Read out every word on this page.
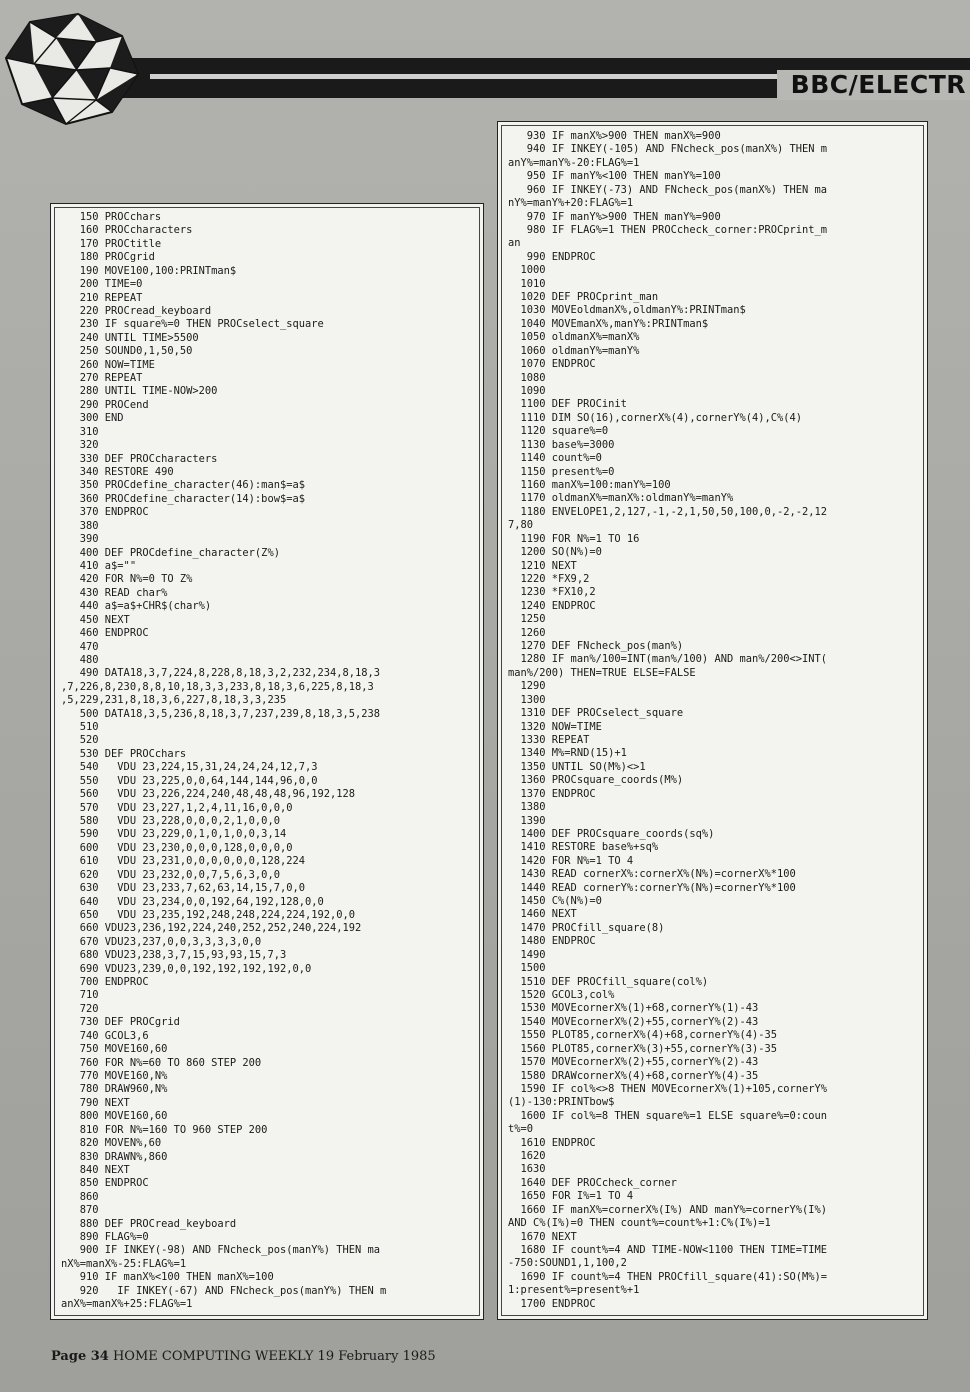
BBC/ELECTR
150 PROCchars
160 PROCcharacters
170 PROCtitle
180 PROCgrid
190 MOVE100,100:PRINTman$
200 TIME=0
210 REPEAT
220 PROCread_keyboard
230 IF square%=0 THEN PROCselect_square
240 UNTIL TIME>5500
250 SOUND0,1,50,50
260 NOW=TIME
270 REPEAT
280 UNTIL TIME-NOW>200
290 PROCend
300 END
310
320
330 DEF PROCcharacters
340 RESTORE 490
350 PROCdefine_character(46):man$=a$
360 PROCdefine_character(14):bow$=a$
370 ENDPROC
380
390
400 DEF PROCdefine_character(Z%)
410 a$=""
420 FOR N%=0 TO Z%
430 READ char%
440 a$=a$+CHR$(char%)
450 NEXT
460 ENDPROC
470
480
490 DATA18,3,7,224,8,228,8,18,3,2,232,234,8,18,3
,7,226,8,230,8,8,10,18,3,3,233,8,18,3,6,225,8,18,3
,5,229,231,8,18,3,6,227,8,18,3,3,235
500 DATA18,3,5,236,8,18,3,7,237,239,8,18,3,5,238
510
520
530 DEF PROCchars
540   VDU 23,224,15,31,24,24,24,12,7,3
550   VDU 23,225,0,0,64,144,144,96,0,0
560   VDU 23,226,224,240,48,48,48,96,192,128
570   VDU 23,227,1,2,4,11,16,0,0,0
580   VDU 23,228,0,0,0,2,1,0,0,0
590   VDU 23,229,0,1,0,1,0,0,3,14
600   VDU 23,230,0,0,0,128,0,0,0,0
610   VDU 23,231,0,0,0,0,0,0,128,224
620   VDU 23,232,0,0,7,5,6,3,0,0
630   VDU 23,233,7,62,63,14,15,7,0,0
640   VDU 23,234,0,0,192,64,192,128,0,0
650   VDU 23,235,192,248,248,224,224,192,0,0
660 VDU23,236,192,224,240,252,252,240,224,192
670 VDU23,237,0,0,3,3,3,3,0,0
680 VDU23,238,3,7,15,93,93,15,7,3
690 VDU23,239,0,0,192,192,192,192,0,0
700 ENDPROC
710
720
730 DEF PROCgrid
740 GCOL3,6
750 MOVE160,60
760 FOR N%=60 TO 860 STEP 200
770 MOVE160,N%
780 DRAW960,N%
790 NEXT
800 MOVE160,60
810 FOR N%=160 TO 960 STEP 200
820 MOVEN%,60
830 DRAWN%,860
840 NEXT
850 ENDPROC
860
870
880 DEF PROCread_keyboard
890 FLAG%=0
900 IF INKEY(-98) AND FNcheck_pos(manY%) THEN ma
nX%=manX%-25:FLAG%=1
910 IF manX%<100 THEN manX%=100
920   IF INKEY(-67) AND FNcheck_pos(manY%) THEN m
anX%=manX%+25:FLAG%=1
930 IF manX%>900 THEN manX%=900
940 IF INKEY(-105) AND FNcheck_pos(manX%) THEN m
anY%=manY%-20:FLAG%=1
950 IF manY%<100 THEN manY%=100
960 IF INKEY(-73) AND FNcheck_pos(manX%) THEN ma
nY%=manY%+20:FLAG%=1
970 IF manY%>900 THEN manY%=900
980 IF FLAG%=1 THEN PROCcheck_corner:PROCprint_m
an
990 ENDPROC
1000
1010
1020 DEF PROCprint_man
1030 MOVEoldmanX%,oldmanY%:PRINTman$
1040 MOVEmanX%,manY%:PRINTman$
1050 oldmanX%=manX%
1060 oldmanY%=manY%
1070 ENDPROC
1080
1090
1100 DEF PROCinit
1110 DIM SO(16),cornerX%(4),cornerY%(4),C%(4)
1120 square%=0
1130 base%=3000
1140 count%=0
1150 present%=0
1160 manX%=100:manY%=100
1170 oldmanX%=manX%:oldmanY%=manY%
1180 ENVELOPE1,2,127,-1,-2,1,50,50,100,0,-2,-2,12
7,80
1190 FOR N%=1 TO 16
1200 SO(N%)=0
1210 NEXT
1220 *FX9,2
1230 *FX10,2
1240 ENDPROC
1250
1260
1270 DEF FNcheck_pos(man%)
1280 IF man%/100=INT(man%/100) AND man%/200<>INT(
man%/200) THEN=TRUE ELSE=FALSE
1290
1300
1310 DEF PROCselect_square
1320 NOW=TIME
1330 REPEAT
1340 M%=RND(15)+1
1350 UNTIL SO(M%)<>1
1360 PROCsquare_coords(M%)
1370 ENDPROC
1380
1390
1400 DEF PROCsquare_coords(sq%)
1410 RESTORE base%+sq%
1420 FOR N%=1 TO 4
1430 READ cornerX%:cornerX%(N%)=cornerX%*100
1440 READ cornerY%:cornerY%(N%)=cornerY%*100
1450 C%(N%)=0
1460 NEXT
1470 PROCfill_square(8)
1480 ENDPROC
1490
1500
1510 DEF PROCfill_square(col%)
1520 GCOL3,col%
1530 MOVEcornerX%(1)+68,cornerY%(1)-43
1540 MOVEcornerX%(2)+55,cornerY%(2)-43
1550 PLOT85,cornerX%(4)+68,cornerY%(4)-35
1560 PLOT85,cornerX%(3)+55,cornerY%(3)-35
1570 MOVEcornerX%(2)+55,cornerY%(2)-43
1580 DRAWcornerX%(4)+68,cornerY%(4)-35
1590 IF col%<>8 THEN MOVEcornerX%(1)+105,cornerY%
(1)-130:PRINTbow$
1600 IF col%=8 THEN square%=1 ELSE square%=0:coun
t%=0
1610 ENDPROC
1620
1630
1640 DEF PROCcheck_corner
1650 FOR I%=1 TO 4
1660 IF manX%=cornerX%(I%) AND manY%=cornerY%(I%)
AND C%(I%)=0 THEN count%=count%+1:C%(I%)=1
1670 NEXT
1680 IF count%=4 AND TIME-NOW<1100 THEN TIME=TIME
-750:SOUND1,1,100,2
1690 IF count%=4 THEN PROCfill_square(41):SO(M%)=
1:present%=present%+1
1700 ENDPROC
Page 34 HOME COMPUTING WEEKLY 19 February 1985
